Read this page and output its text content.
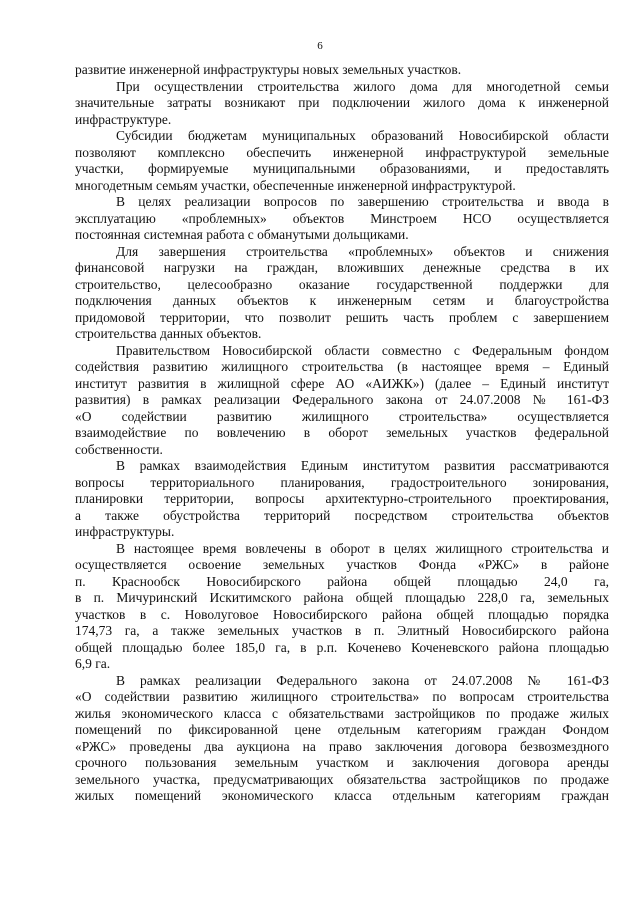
6
развитие инженерной инфраструктуры новых земельных участков.
При осуществлении строительства жилого дома для многодетной семьи
значительные затраты возникают при подключении жилого дома к инженерной
инфраструктуре.
Субсидии бюджетам муниципальных образований Новосибирской области
позволяют комплексно обеспечить инженерной инфраструктурой земельные
участки, формируемые муниципальными образованиями, и предоставлять
многодетным семьям участки, обеспеченные инженерной инфраструктурой.
В целях реализации вопросов по завершению строительства и ввода в
эксплуатацию «проблемных» объектов Минстроем НСО осуществляется
постоянная системная работа с обманутыми дольщиками.
Для завершения строительства «проблемных» объектов и снижения
финансовой нагрузки на граждан, вложивших денежные средства в их
строительство, целесообразно оказание государственной поддержки для
подключения данных объектов к инженерным сетям и благоустройства
придомовой территории, что позволит решить часть проблем с завершением
строительства данных объектов.
Правительством Новосибирской области совместно с Федеральным фондом
содействия развитию жилищного строительства (в настоящее время – Единый
институт развития в жилищной сфере АО «АИЖК») (далее – Единый институт
развития) в рамках реализации Федерального закона от 24.07.2008 № 161-ФЗ
«О содействии развитию жилищного строительства» осуществляется
взаимодействие по вовлечению в оборот земельных участков федеральной
собственности.
В рамках взаимодействия Единым институтом развития рассматриваются
вопросы территориального планирования, градостроительного зонирования,
планировки территории, вопросы архитектурно-строительного проектирования,
а также обустройства территорий посредством строительства объектов
инфраструктуры.
В настоящее время вовлечены в оборот в целях жилищного строительства и
осуществляется освоение земельных участков Фонда «РЖС» в районе
п. Краснообск Новосибирского района общей площадью 24,0 га,
в п. Мичуринский Искитимского района общей площадью 228,0 га, земельных
участков в с. Новолуговое Новосибирского района общей площадью порядка
174,73 га, а также земельных участков в п. Элитный Новосибирского района
общей площадью более 185,0 га, в р.п. Коченево Коченевского района площадью
6,9 га.
В рамках реализации Федерального закона от 24.07.2008 № 161-ФЗ
«О содействии развитию жилищного строительства» по вопросам строительства
жилья экономического класса с обязательствами застройщиков по продаже жилых
помещений по фиксированной цене отдельным категориям граждан Фондом
«РЖС» проведены два аукциона на право заключения договора безвозмездного
срочного пользования земельным участком и заключения договора аренды
земельного участка, предусматривающих обязательства застройщиков по продаже
жилых помещений экономического класса отдельным категориям граждан
